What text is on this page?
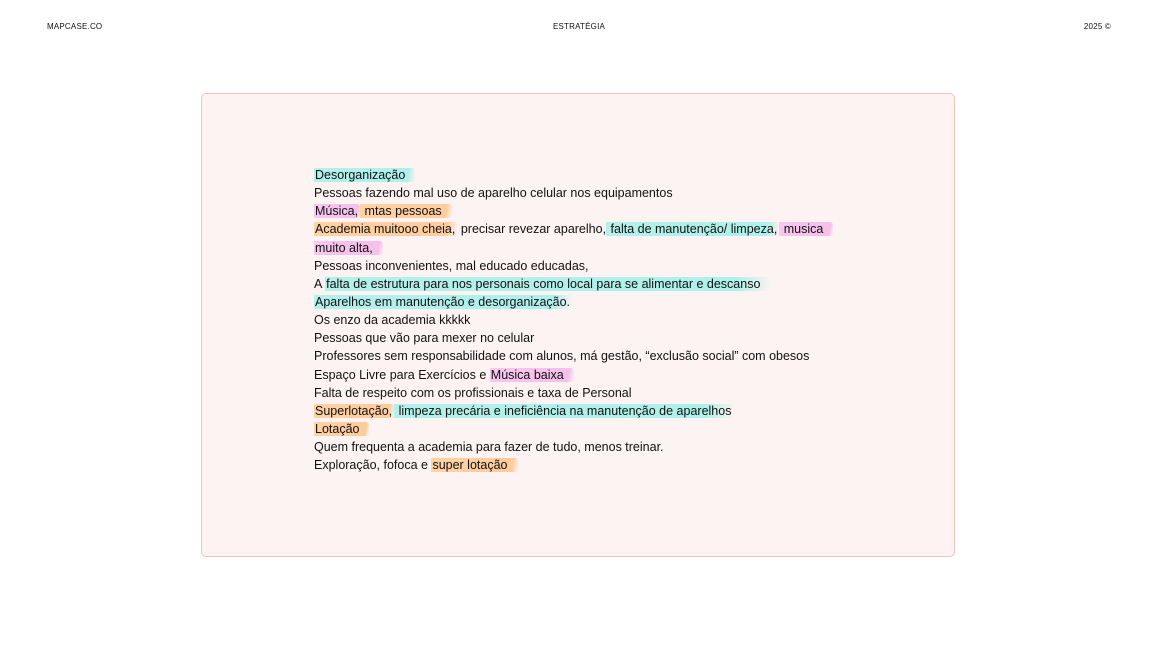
MAPCASE.CO	ESTRATÉGIA	2025 ©
Desorganização
Pessoas fazendo mal uso de aparelho celular nos equipamentos
Música, mtas pessoas
Academia muitooo cheia, precisar revezar aparelho, falta de manutenção/ limpeza, musica
muito alta,
Pessoas inconvenientes, mal educado educadas,
A falta de estrutura para nos personais como local para se alimentar e descanso
Aparelhos em manutenção e desorganização.
Os enzo da academia kkkkk
Pessoas que vão para mexer no celular
Professores sem responsabilidade com alunos, má gestão, “exclusão social” com obesos
Espaço Livre para Exercícios e Música baixa
Falta de respeito com os profissionais e taxa de Personal
Superlotação, limpeza precária e ineficiência na manutenção de aparelhos
Lotação
Quem frequenta a academia para fazer de tudo, menos treinar.
Exploração, fofoca e super lotação
